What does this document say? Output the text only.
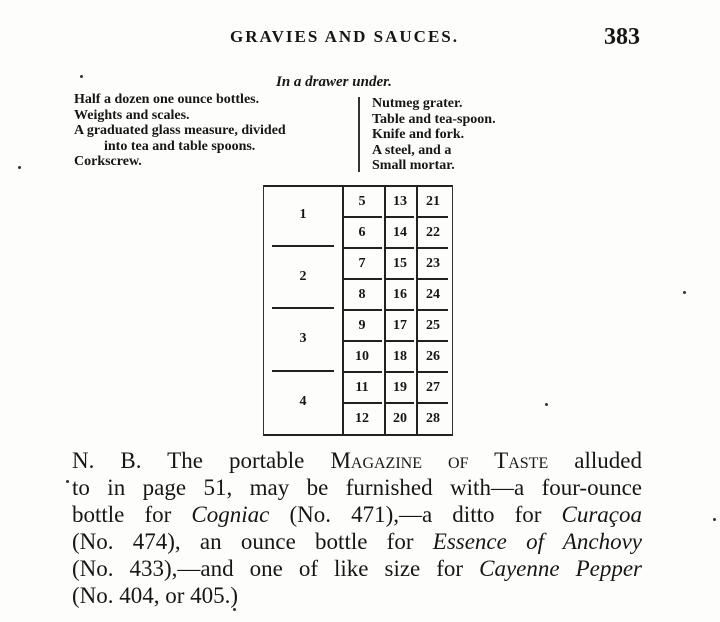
GRAVIES AND SAUCES.	383
In a drawer under.
Half a dozen one ounce bottles.
Weights and scales.
A graduated glass measure, divided
into tea and table spoons.
Corkscrew.
Nutmeg grater.
Table and tea-spoon.
Knife and fork.
A steel, and a
Small mortar.
1
2
3
4
5
6
7
8
9
10
11
12
13
14
15
16
17
18
19
20
21
22
23
24
25
26
27
28
N. B. The portable Magazine of Taste alluded
to in page 51, may be furnished with—a four-ounce
bottle for Cogniac (No. 471),—a ditto for Curaçoa
(No. 474), an ounce bottle for Essence of Anchovy
(No. 433),—and one of like size for Cayenne Pepper
(No. 404, or 405.)
